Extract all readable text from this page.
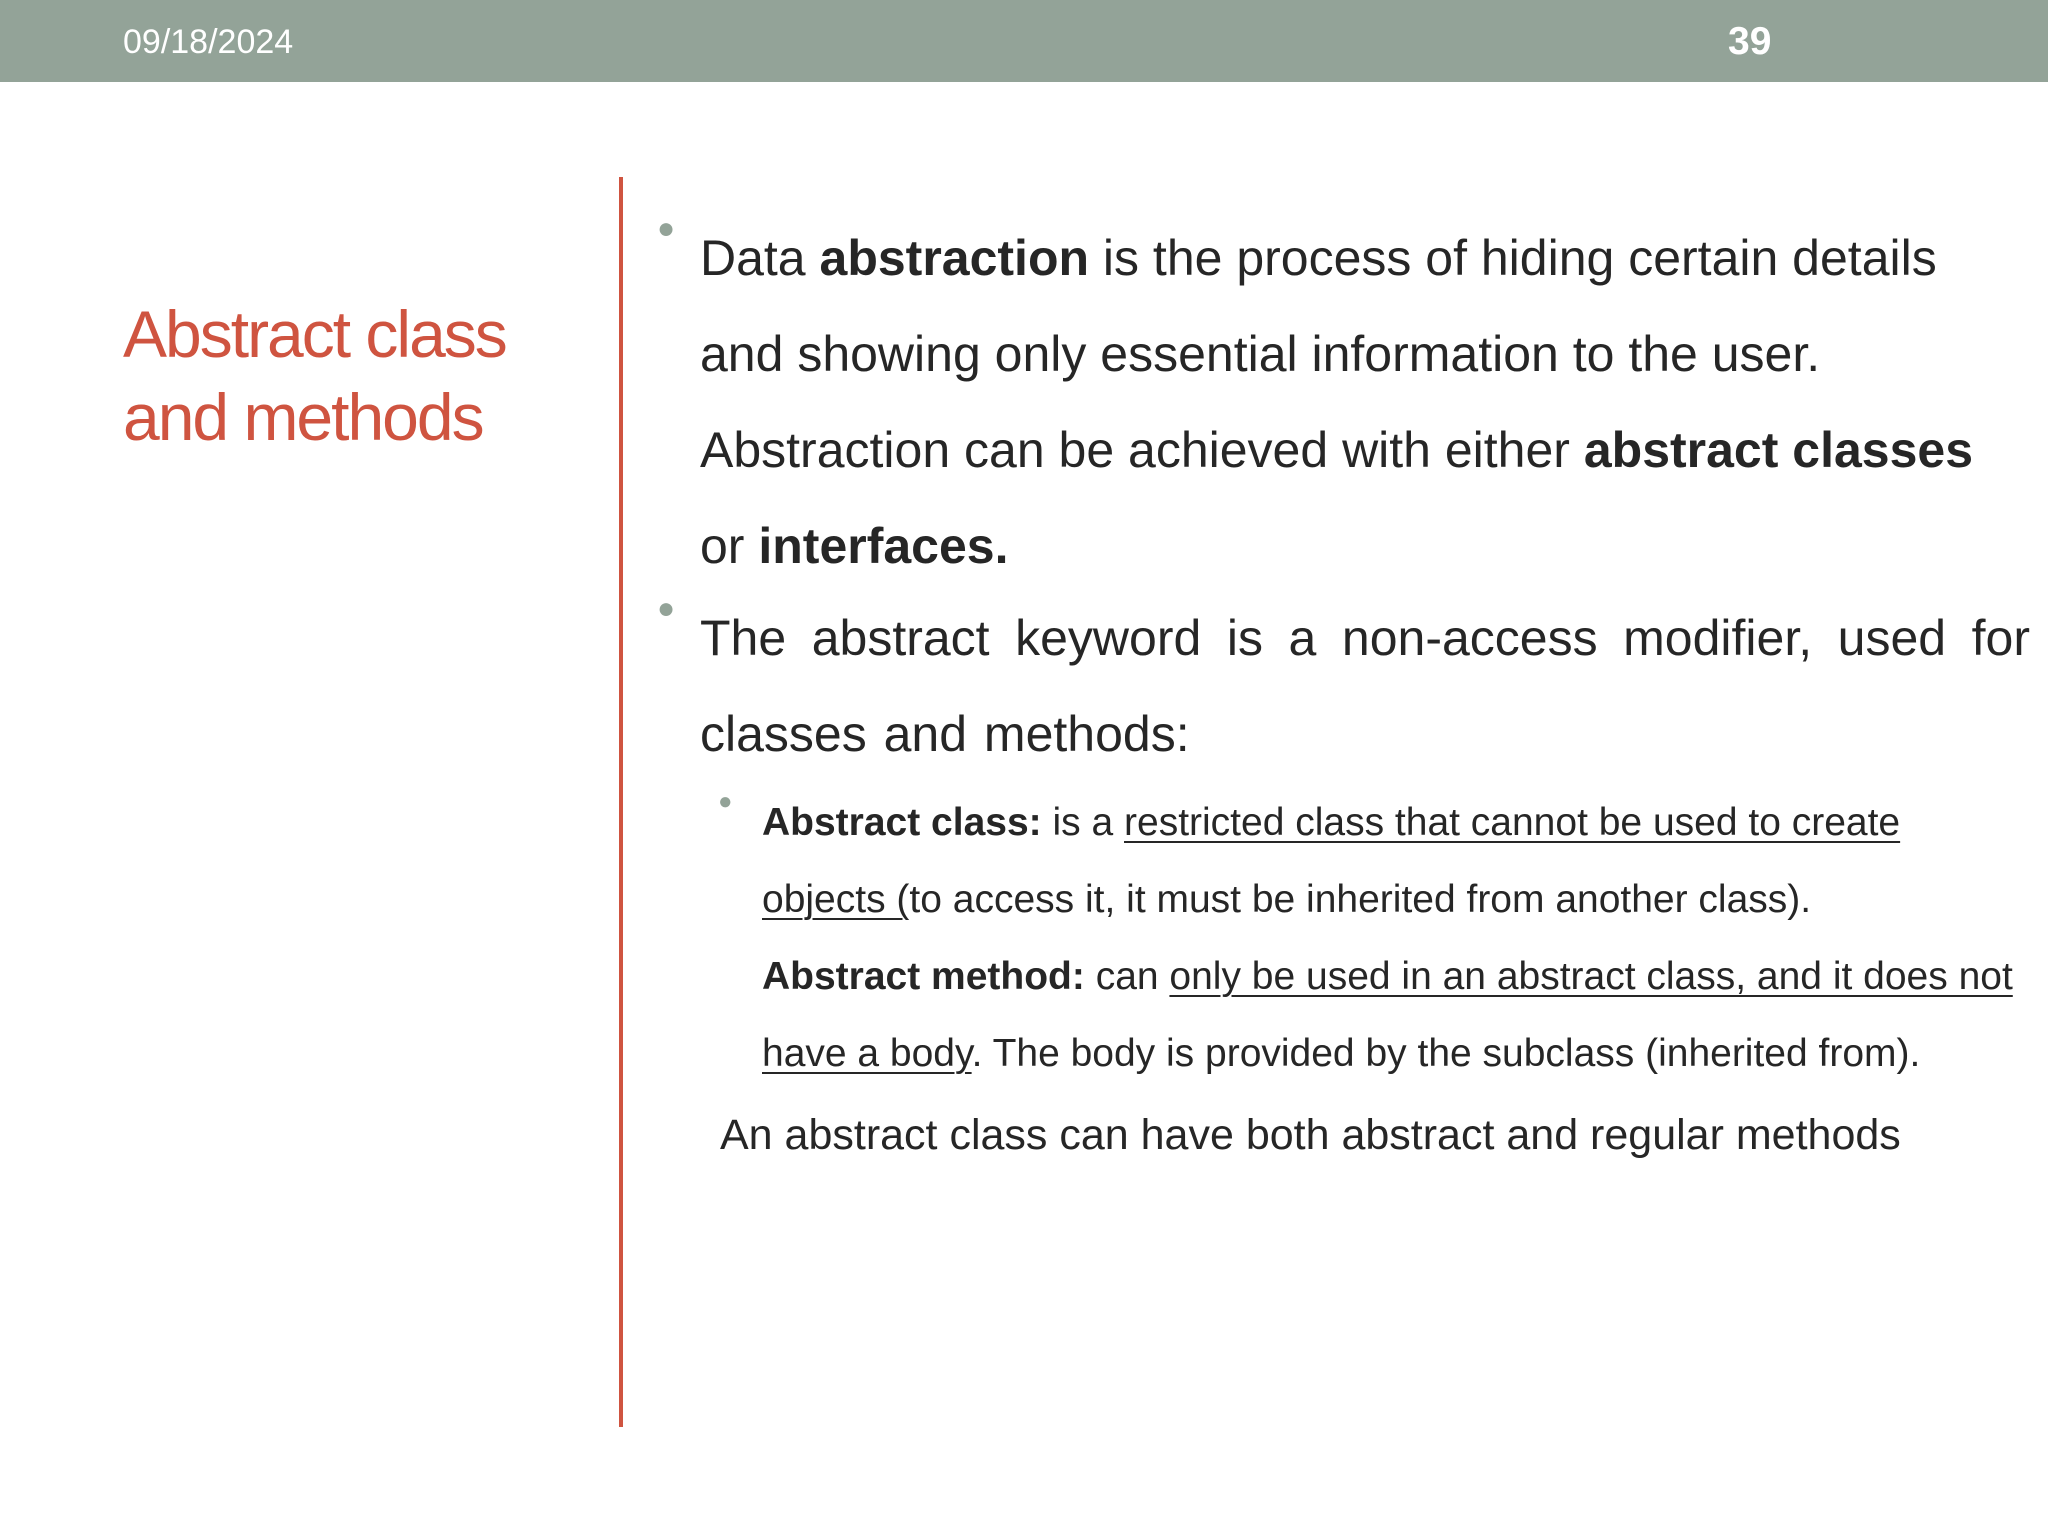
09/18/2024	39
Abstract class
and methods
●

Data abstraction is the process of hiding certain details and showing only essential information to the user.

Abstraction can be achieved with either abstract classes or interfaces.

●

The abstract keyword is a non-access modifier, used for classes and methods:

● Abstract class: is a restricted class that cannot be used to create objects (to access it, it must be inherited from another class).

Abstract method: can only be used in an abstract class, and it does not have a body. The body is provided by the subclass (inherited from).

An abstract class can have both abstract and regular methods
